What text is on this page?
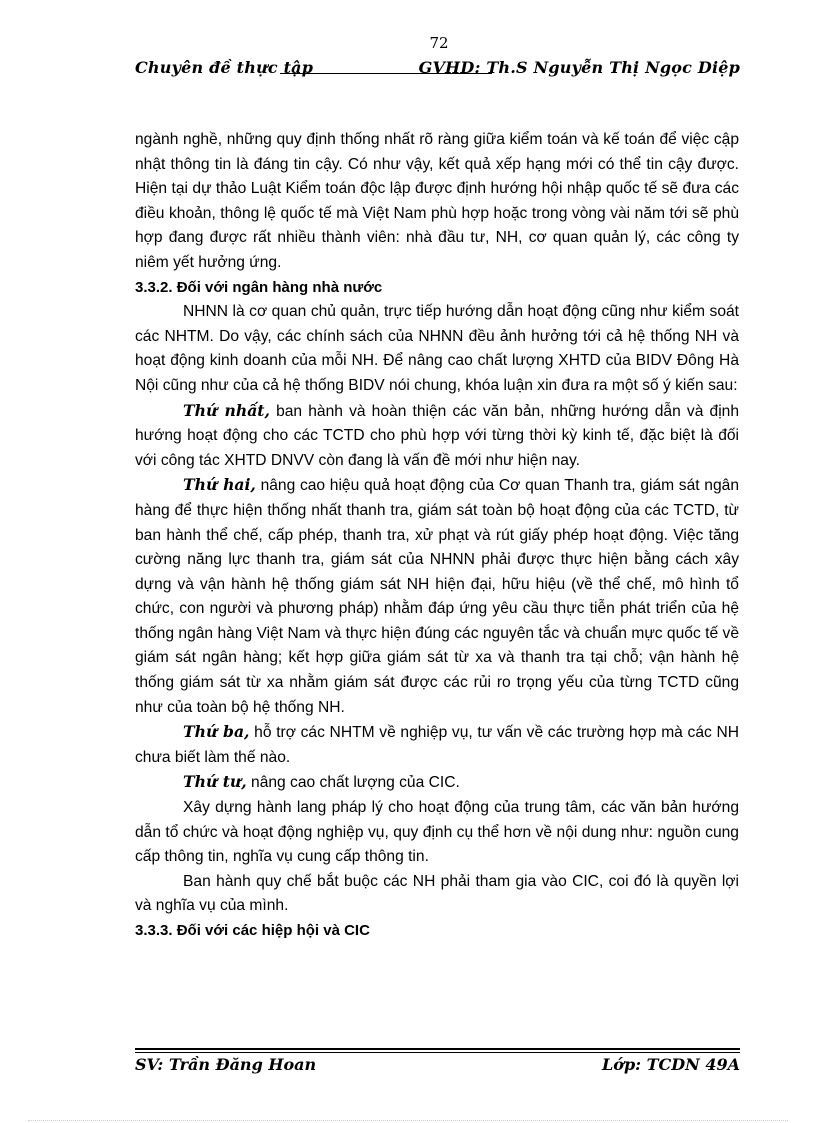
72
Chuyên đề thực tập	GVHD: Th.S Nguyễn Thị Ngọc Diệp

ngành nghề, những quy định thống nhất rõ ràng giữa kiểm toán và kế toán để việc cập nhật thông tin là đáng tin cậy. Có như vậy, kết quả xếp hạng mới có thể tin cậy được. Hiện tại dự thảo Luật Kiểm toán độc lập được định hướng hội nhập quốc tế sẽ đưa các điều khoản, thông lệ quốc tế mà Việt Nam phù hợp hoặc trong vòng vài năm tới sẽ phù hợp đang được rất nhiều thành viên: nhà đầu tư, NH, cơ quan quản lý, các công ty niêm yết hưởng ứng.

3.3.2. Đối với ngân hàng nhà nước

NHNN là cơ quan chủ quản, trực tiếp hướng dẫn hoạt động cũng như kiểm soát các NHTM. Do vậy, các chính sách của NHNN đều ảnh hưởng tới cả hệ thống NH và hoạt động kinh doanh của mỗi NH. Để nâng cao chất lượng XHTD của BIDV Đông Hà Nội cũng như của cả hệ thống BIDV nói chung, khóa luận xin đưa ra một số ý kiến sau:

Thứ nhất, ban hành và hoàn thiện các văn bản, những hướng dẫn và định hướng hoạt động cho các TCTD cho phù hợp với từng thời kỳ kinh tế, đặc biệt là đối với công tác XHTD DNVV còn đang là vấn đề mới như hiện nay.

Thứ hai, nâng cao hiệu quả hoạt động của Cơ quan Thanh tra, giám sát ngân hàng để thực hiện thống nhất thanh tra, giám sát toàn bộ hoạt động của các TCTD, từ ban hành thể chế, cấp phép, thanh tra, xử phạt và rút giấy phép hoạt động. Việc tăng cường năng lực thanh tra, giám sát của NHNN phải được thực hiện bằng cách xây dựng và vận hành hệ thống giám sát NH hiện đại, hữu hiệu (về thể chế, mô hình tổ chức, con người và phương pháp) nhằm đáp ứng yêu cầu thực tiễn phát triển của hệ thống ngân hàng Việt Nam và thực hiện đúng các nguyên tắc và chuẩn mực quốc tế về giám sát ngân hàng; kết hợp giữa giám sát từ xa và thanh tra tại chỗ; vận hành hệ thống giám sát từ xa nhằm giám sát được các rủi ro trọng yếu của từng TCTD cũng như của toàn bộ hệ thống NH.

Thứ ba, hỗ trợ các NHTM về nghiệp vụ, tư vấn về các trường hợp mà các NH chưa biết làm thế nào.

Thứ tư, nâng cao chất lượng của CIC.

Xây dựng hành lang pháp lý cho hoạt động của trung tâm, các văn bản hướng dẫn tổ chức và hoạt động nghiệp vụ, quy định cụ thể hơn về nội dung như: nguồn cung cấp thông tin, nghĩa vụ cung cấp thông tin.

Ban hành quy chế bắt buộc các NH phải tham gia vào CIC, coi đó là quyền lợi và nghĩa vụ của mình.

3.3.3. Đối với các hiệp hội và CIC

SV: Trần Đăng Hoan	Lớp: TCDN 49A
